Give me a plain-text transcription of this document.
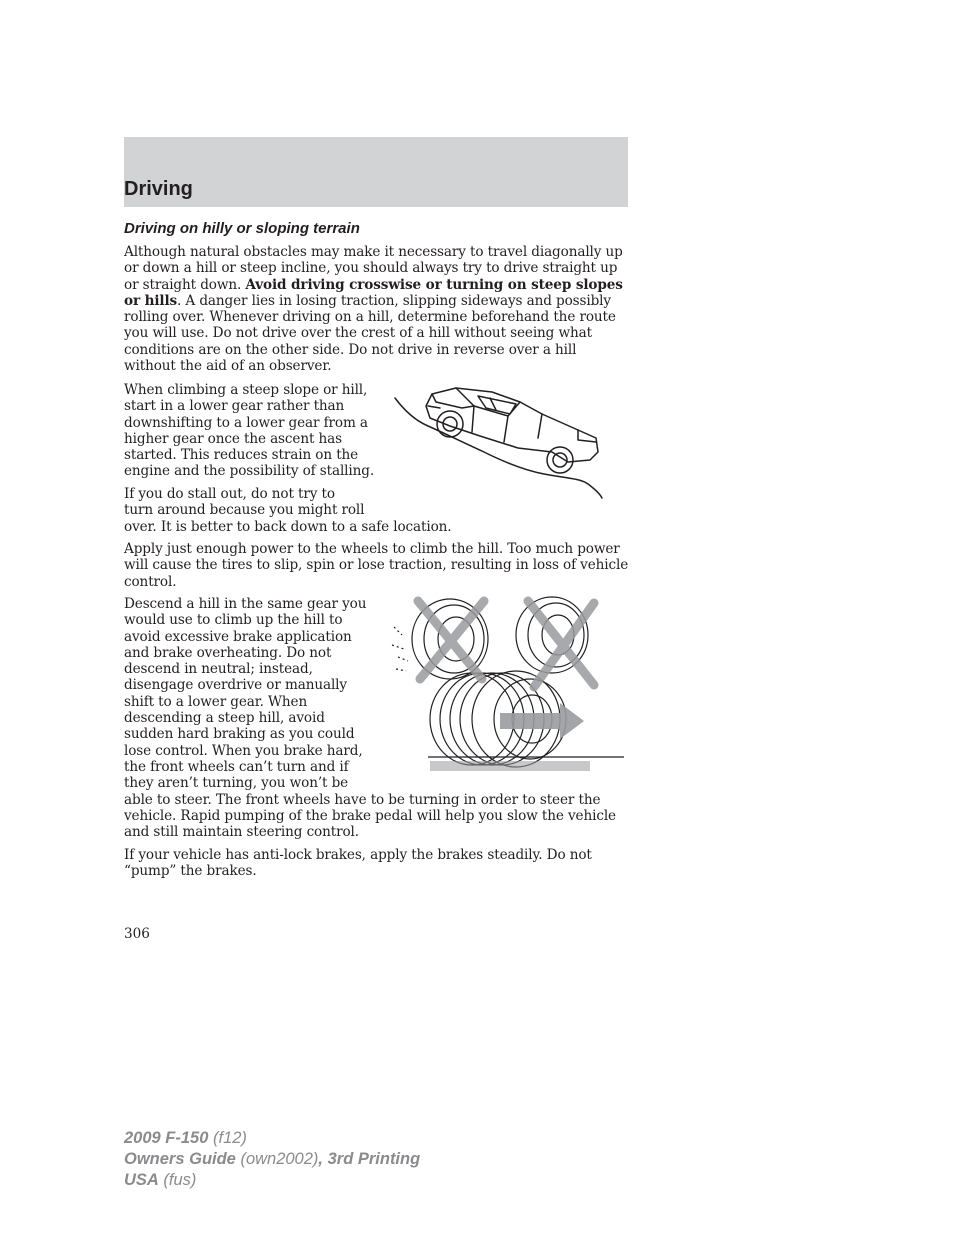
Driving
Driving on hilly or sloping terrain

Although natural obstacles may make it necessary to travel diagonally up or down a hill or steep incline, you should always try to drive straight up or straight down. Avoid driving crosswise or turning on steep slopes or hills. A danger lies in losing traction, slipping sideways and possibly rolling over. Whenever driving on a hill, determine beforehand the route you will use. Do not drive over the crest of a hill without seeing what conditions are on the other side. Do not drive in reverse over a hill without the aid of an observer.

When climbing a steep slope or hill,
start in a lower gear rather than
downshifting to a lower gear from a
higher gear once the ascent has
started. This reduces strain on the
engine and the possibility of stalling.

If you do stall out, do not try to
turn around because you might roll
over. It is better to back down to a safe location.

Apply just enough power to the wheels to climb the hill. Too much power will cause the tires to slip, spin or lose traction, resulting in loss of vehicle control.

Descend a hill in the same gear you
would use to climb up the hill to
avoid excessive brake application
and brake overheating. Do not
descend in neutral; instead,
disengage overdrive or manually
shift to a lower gear. When
descending a steep hill, avoid
sudden hard braking as you could
lose control. When you brake hard,
the front wheels can’t turn and if
they aren’t turning, you won’t be
able to steer. The front wheels have to be turning in order to steer the vehicle. Rapid pumping of the brake pedal will help you slow the vehicle and still maintain steering control.

If your vehicle has anti-lock brakes, apply the brakes steadily. Do not “pump” the brakes.

306
2009 F-150 (f12)
Owners Guide (own2002), 3rd Printing
USA (fus)
